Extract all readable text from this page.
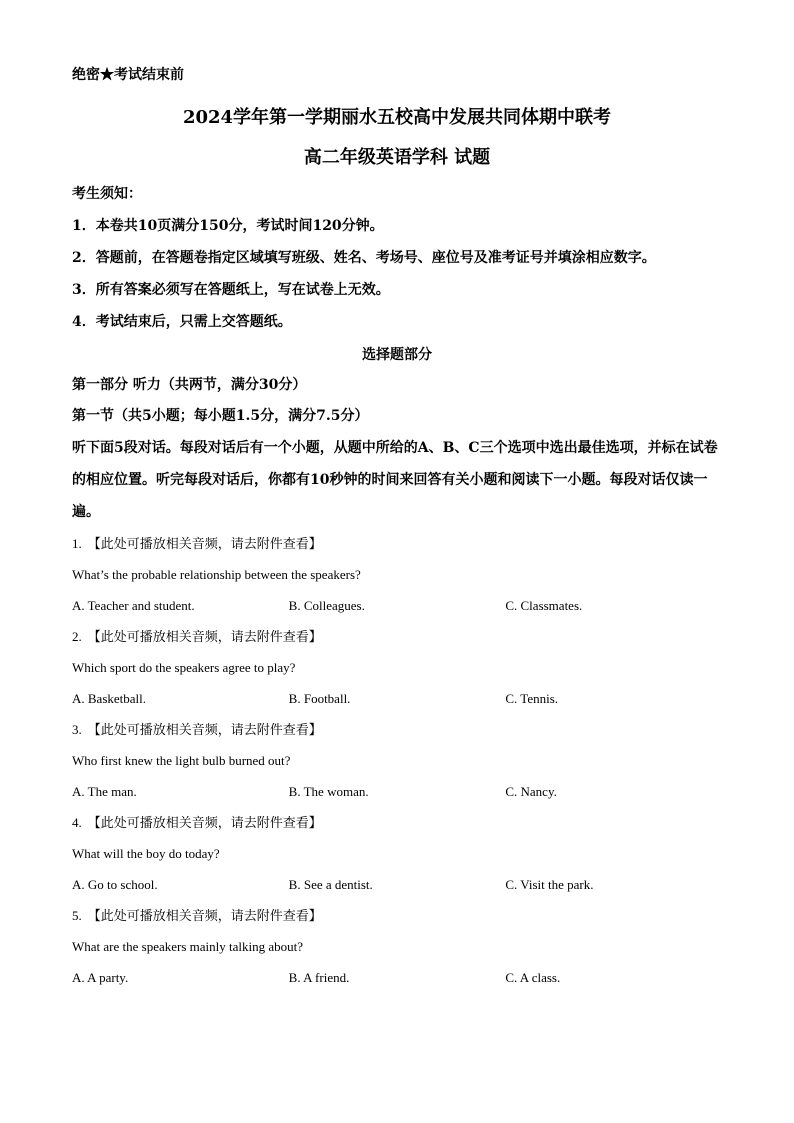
绝密★考试结束前
2024学年第一学期丽水五校高中发展共同体期中联考
高二年级英语学科 试题
考生须知：
1．本卷共10页满分150分，考试时间120分钟。
2．答题前，在答题卷指定区域填写班级、姓名、考场号、座位号及准考证号并填涂相应数字。
3．所有答案必须写在答题纸上，写在试卷上无效。
4．考试结束后，只需上交答题纸。
选择题部分
第一部分 听力（共两节，满分30分）
第一节（共5小题；每小题1.5分，满分7.5分）
听下面5段对话。每段对话后有一个小题，从题中所给的A、B、C三个选项中选出最佳选项，并标在试卷的相应位置。听完每段对话后，你都有10秒钟的时间来回答有关小题和阅读下一小题。每段对话仅读一遍。
1. 【此处可播放相关音频，请去附件查看】
What’s the probable relationship between the speakers?
A. Teacher and student.	B. Colleagues.	C. Classmates.
2. 【此处可播放相关音频，请去附件查看】
Which sport do the speakers agree to play?
A. Basketball.	B. Football.	C. Tennis.
3. 【此处可播放相关音频，请去附件查看】
Who first knew the light bulb burned out?
A. The man.	B. The woman.	C. Nancy.
4. 【此处可播放相关音频，请去附件查看】
What will the boy do today?
A. Go to school.	B. See a dentist.	C. Visit the park.
5. 【此处可播放相关音频，请去附件查看】
What are the speakers mainly talking about?
A. A party.	B. A friend.	C. A class.
